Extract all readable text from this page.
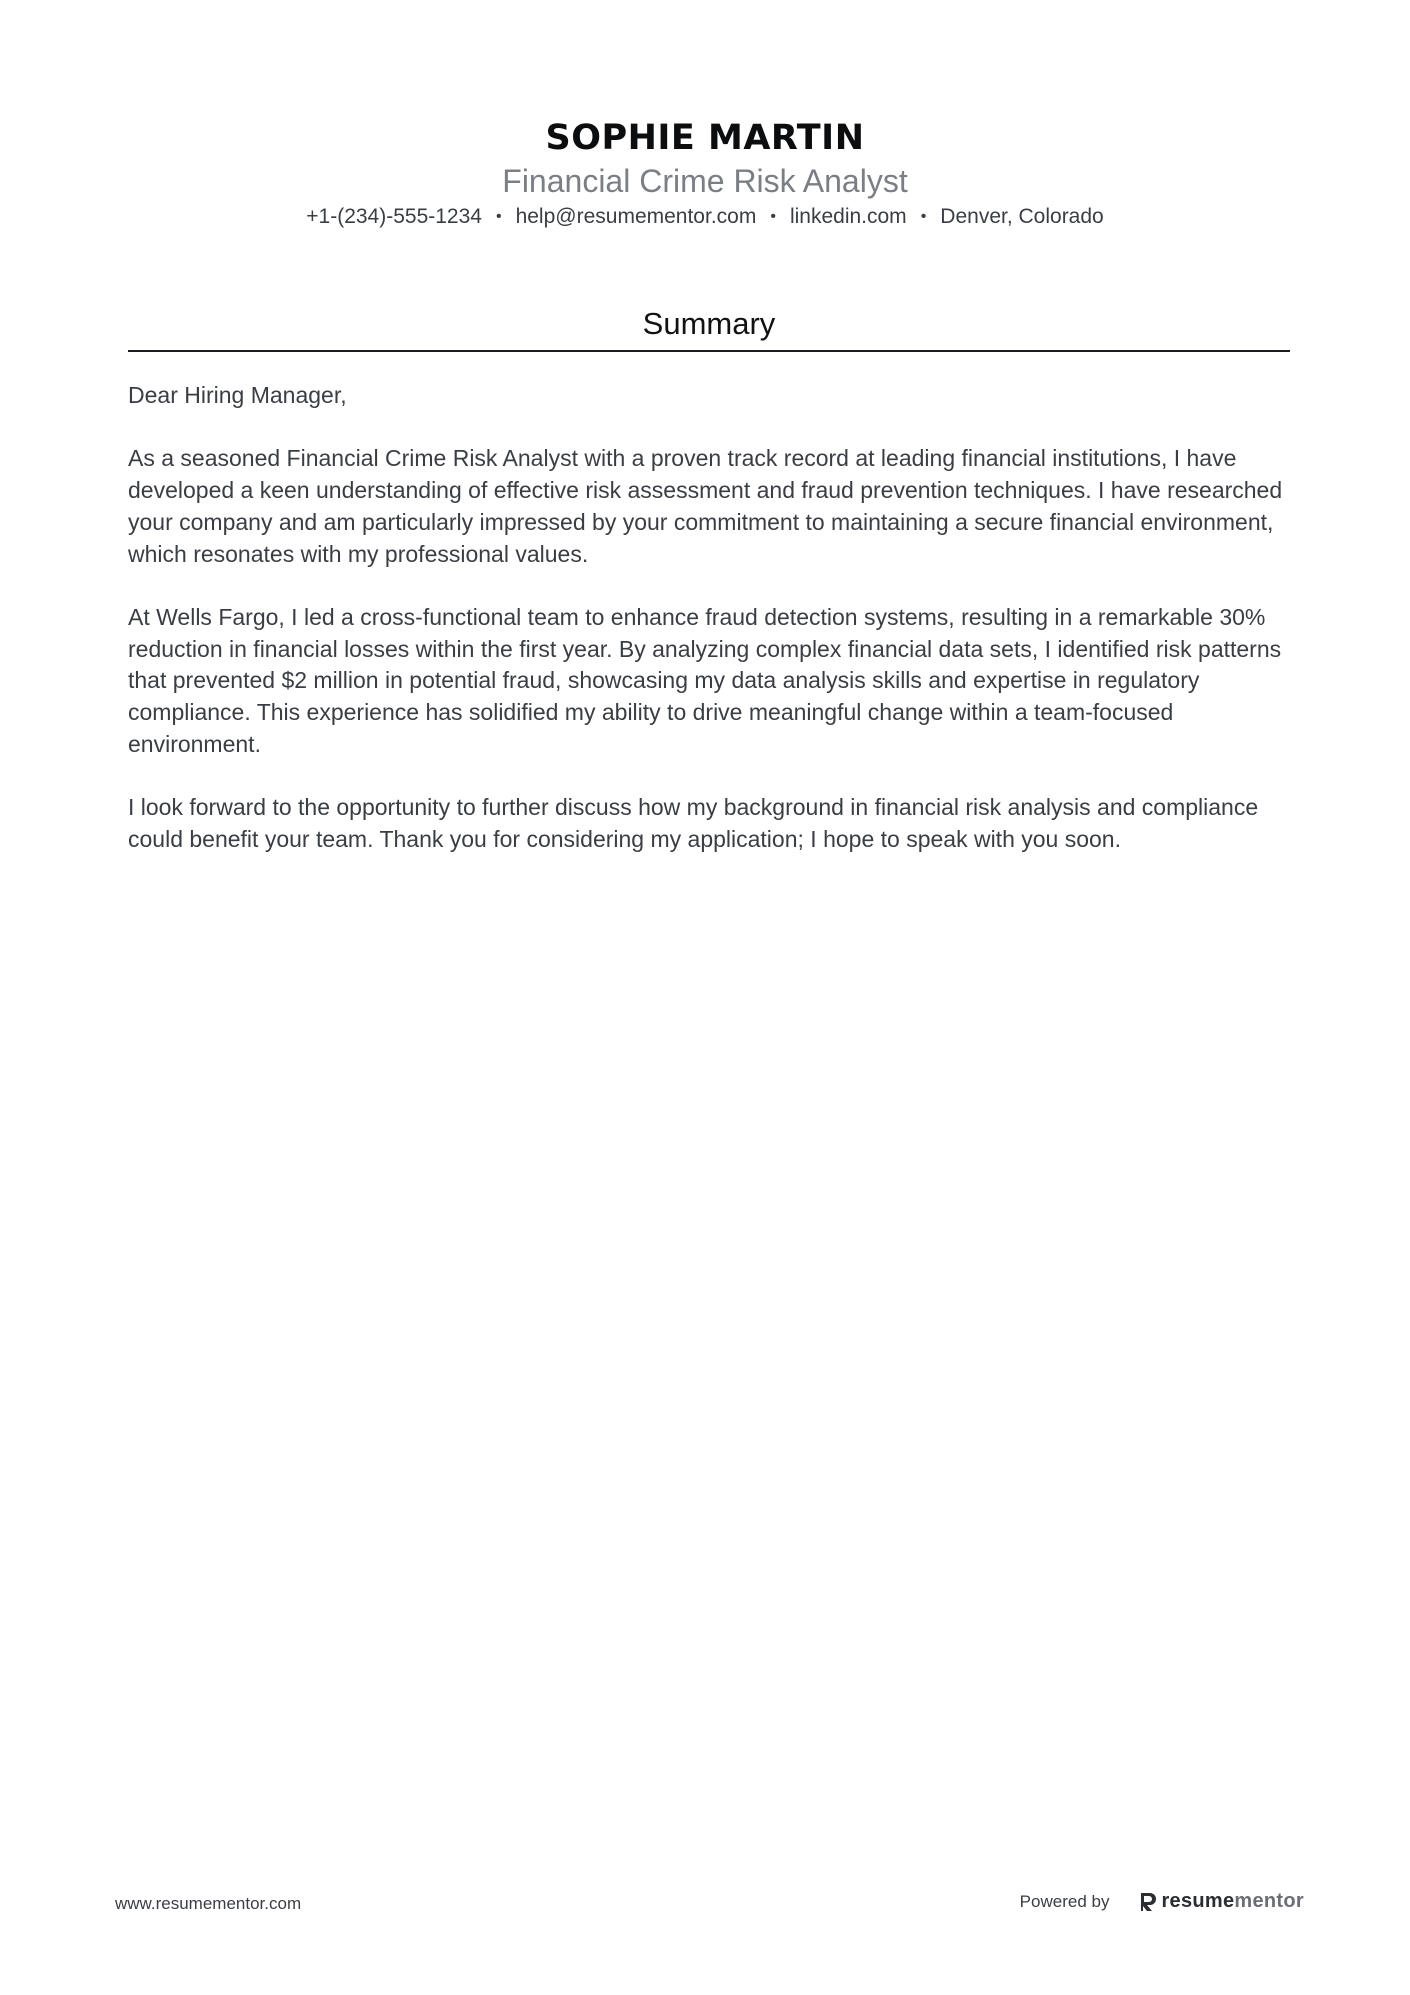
SOPHIE MARTIN
Financial Crime Risk Analyst
+1-(234)-555-1234 • help@resumementor.com • linkedin.com • Denver, Colorado
Summary

Dear Hiring Manager,

As a seasoned Financial Crime Risk Analyst with a proven track record at leading financial institutions, I have developed a keen understanding of effective risk assessment and fraud prevention techniques. I have researched your company and am particularly impressed by your commitment to maintaining a secure financial environment, which resonates with my professional values.

At Wells Fargo, I led a cross-functional team to enhance fraud detection systems, resulting in a remarkable 30% reduction in financial losses within the first year. By analyzing complex financial data sets, I identified risk patterns that prevented $2 million in potential fraud, showcasing my data analysis skills and expertise in regulatory compliance. This experience has solidified my ability to drive meaningful change within a team-focused environment.

I look forward to the opportunity to further discuss how my background in financial risk analysis and compliance could benefit your team. Thank you for considering my application; I hope to speak with you soon.

www.resumementor.com	Powered by	resume mentor
